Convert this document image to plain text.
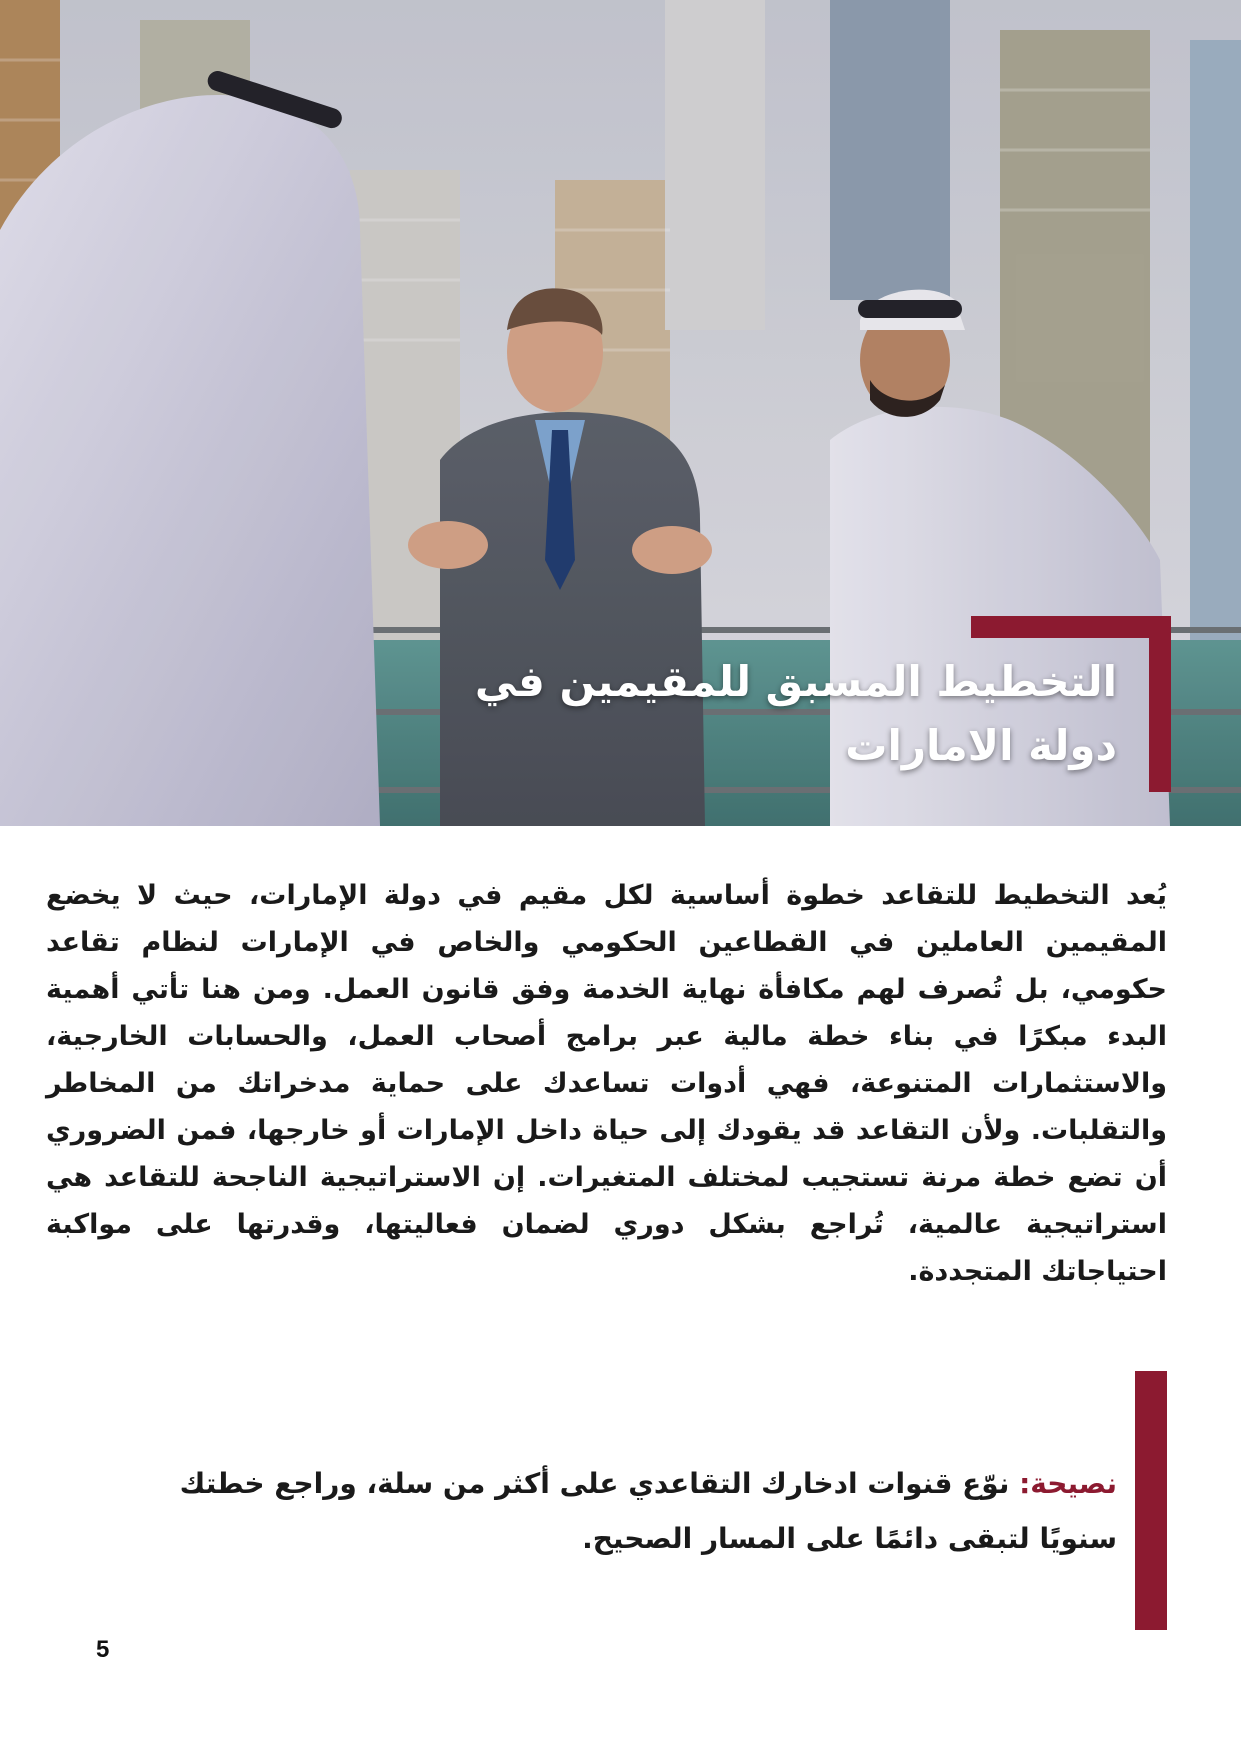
التخطيط المسبق للمقيمين في
دولة الامارات

يُعد التخطيط للتقاعد خطوة أساسية لكل مقيم في دولة الإمارات، حيث لا يخضع المقيمين العاملين في القطاعين الحكومي والخاص في الإمارات لنظام تقاعد حكومي، بل تُصرف لهم مكافأة نهاية الخدمة وفق قانون العمل. ومن هنا تأتي أهمية البدء مبكرًا في بناء خطة مالية عبر برامج أصحاب العمل، والحسابات الخارجية، والاستثمارات المتنوعة، فهي أدوات تساعدك على حماية مدخراتك من المخاطر والتقلبات. ولأن التقاعد قد يقودك إلى حياة داخل الإمارات أو خارجها، فمن الضروري أن تضع خطة مرنة تستجيب لمختلف المتغيرات. إن الاستراتيجية الناجحة للتقاعد هي استراتيجية عالمية، تُراجع بشكل دوري لضمان فعاليتها، وقدرتها على مواكبة احتياجاتك المتجددة.

نصيحة: نوّع قنوات ادخارك التقاعدي على أكثر من سلة، وراجع خطتك سنويًا لتبقى دائمًا على المسار الصحيح.

5
